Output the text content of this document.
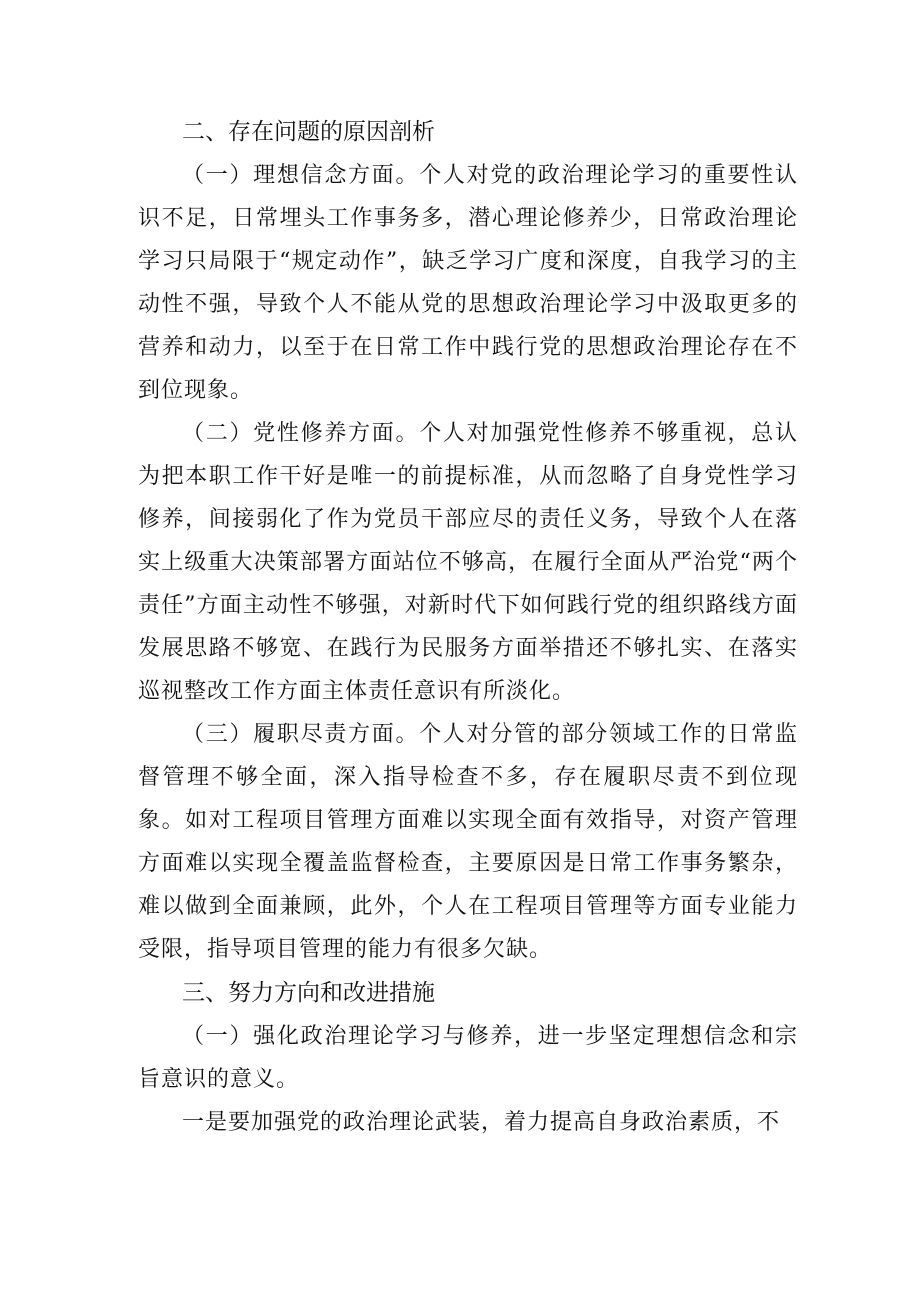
二、存在问题的原因剖析

（一）理想信念方面。个人对党的政治理论学习的重要性认识不足，日常埋头工作事务多，潜心理论修养少，日常政治理论学习只局限于“规定动作”，缺乏学习广度和深度，自我学习的主动性不强，导致个人不能从党的思想政治理论学习中汲取更多的营养和动力，以至于在日常工作中践行党的思想政治理论存在不到位现象。

（二）党性修养方面。个人对加强党性修养不够重视，总认为把本职工作干好是唯一的前提标准，从而忽略了自身党性学习修养，间接弱化了作为党员干部应尽的责任义务，导致个人在落实上级重大决策部署方面站位不够高，在履行全面从严治党“两个责任”方面主动性不够强，对新时代下如何践行党的组织路线方面发展思路不够宽、在践行为民服务方面举措还不够扎实、在落实巡视整改工作方面主体责任意识有所淡化。

（三）履职尽责方面。个人对分管的部分领域工作的日常监督管理不够全面，深入指导检查不多，存在履职尽责不到位现象。如对工程项目管理方面难以实现全面有效指导，对资产管理方面难以实现全覆盖监督检查，主要原因是日常工作事务繁杂，难以做到全面兼顾，此外，个人在工程项目管理等方面专业能力受限，指导项目管理的能力有很多欠缺。

三、努力方向和改进措施

（一）强化政治理论学习与修养，进一步坚定理想信念和宗旨意识的意义。

一是要加强党的政治理论武装，着力提高自身政治素质，不
